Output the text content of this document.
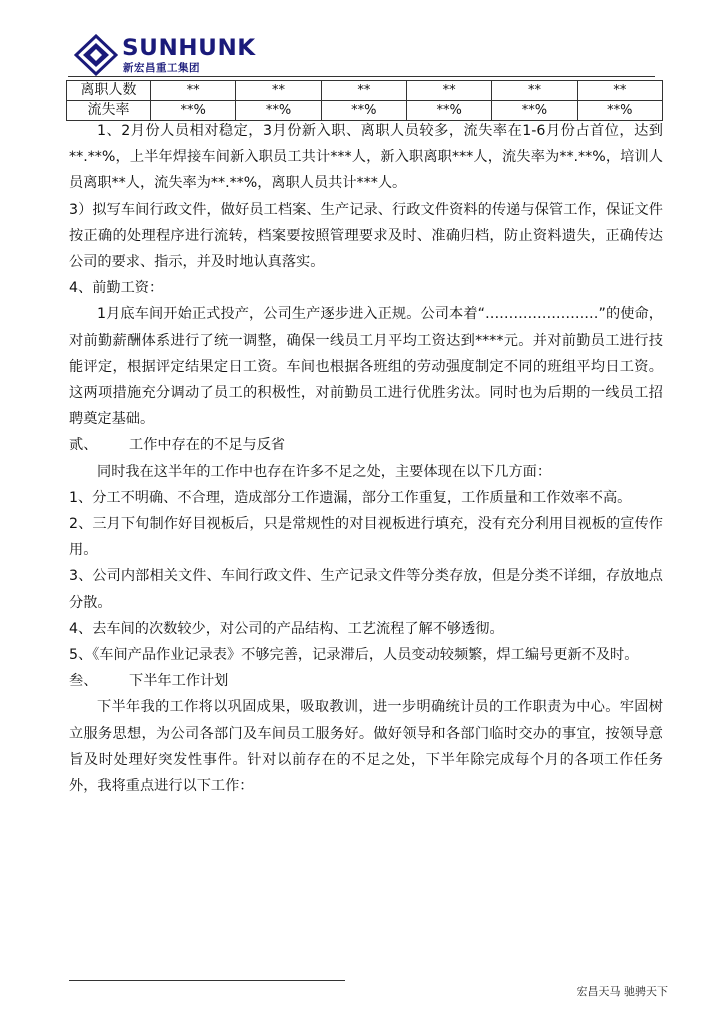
SUNHUNK
新宏昌重工集团
离职人数	**	**	**	**	**	**
流失率	**%	**%	**%	**%	**%	**%

1、2月份人员相对稳定，3月份新入职、离职人员较多，流失率在1-6月份占首位，达到**.**%，上半年焊接车间新入职员工共计***人，新入职离职***人，流失率为**.**%，培训人员离职**人，流失率为**.**%，离职人员共计***人。

3）拟写车间行政文件，做好员工档案、生产记录、行政文件资料的传递与保管工作，保证文件按正确的处理程序进行流转，档案要按照管理要求及时、准确归档，防止资料遗失，正确传达公司的要求、指示，并及时地认真落实。

4、前勤工资：

1月底车间开始正式投产，公司生产逐步进入正规。公司本着“……………………”的使命，对前勤薪酬体系进行了统一调整，确保一线员工月平均工资达到****元。并对前勤员工进行技能评定，根据评定结果定日工资。车间也根据各班组的劳动强度制定不同的班组平均日工资。这两项措施充分调动了员工的积极性，对前勤员工进行优胜劣汰。同时也为后期的一线员工招聘奠定基础。

贰、	工作中存在的不足与反省

同时我在这半年的工作中也存在许多不足之处，主要体现在以下几方面：

1、分工不明确、不合理，造成部分工作遗漏，部分工作重复，工作质量和工作效率不高。

2、三月下旬制作好目视板后，只是常规性的对目视板进行填充，没有充分利用目视板的宣传作用。

3、公司内部相关文件、车间行政文件、生产记录文件等分类存放，但是分类不详细，存放地点分散。

4、去车间的次数较少，对公司的产品结构、工艺流程了解不够透彻。

5、《车间产品作业记录表》不够完善，记录滞后，人员变动较频繁，焊工编号更新不及时。

叁、	下半年工作计划

下半年我的工作将以巩固成果，吸取教训，进一步明确统计员的工作职责为中心。牢固树立服务思想，为公司各部门及车间员工服务好。做好领导和各部门临时交办的事宜，按领导意旨及时处理好突发性事件。针对以前存在的不足之处，下半年除完成每个月的各项工作任务外，我将重点进行以下工作：

宏昌天马 驰骋天下
